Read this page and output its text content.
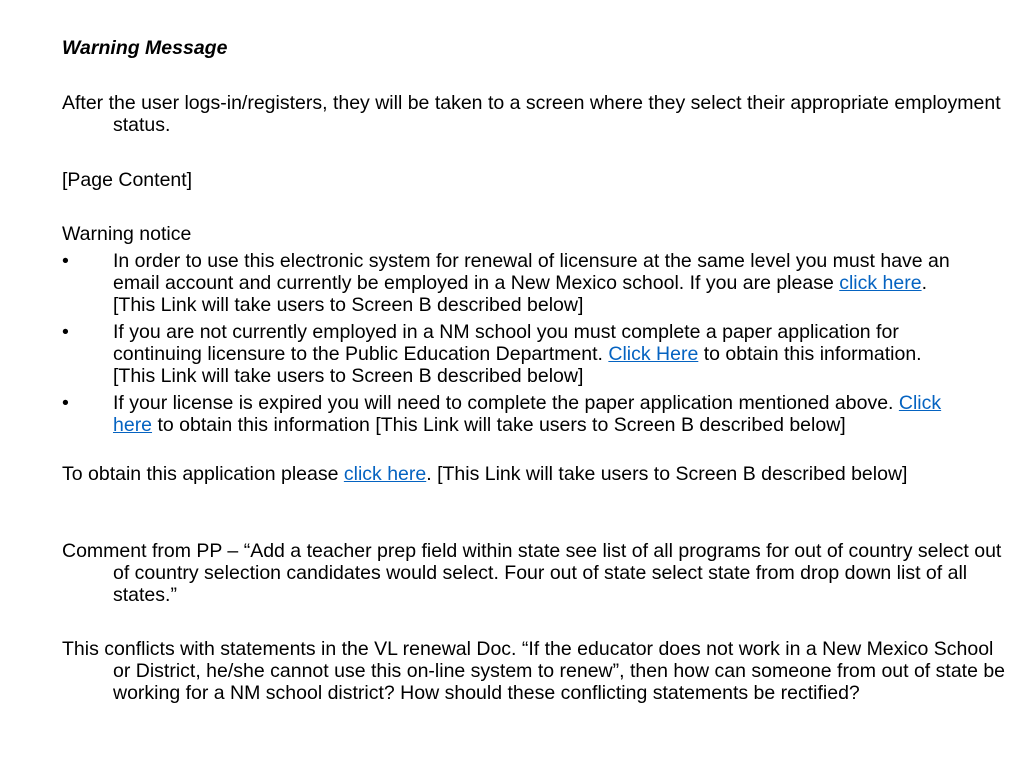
Warning Message

After the user logs-in/registers, they will be taken to a screen where they select their appropriate employment status.

[Page Content]

Warning notice

• In order to use this electronic system for renewal of licensure at the same level you must have an email account and currently be employed in a New Mexico school. If you are please click here. [This Link will take users to Screen B described below]
• If you are not currently employed in a NM school you must complete a paper application for continuing licensure to the Public Education Department. Click Here to obtain this information. [This Link will take users to Screen B described below]
• If your license is expired you will need to complete the paper application mentioned above. Click here to obtain this information [This Link will take users to Screen B described below]

To obtain this application please click here. [This Link will take users to Screen B described below]

Comment from PP – “Add a teacher prep field within state see list of all programs for out of country select out of country selection candidates would select. Four out of state select state from drop down list of all states.”

This conflicts with statements in the VL renewal Doc. “If the educator does not work in a New Mexico School or District, he/she cannot use this on-line system to renew”, then how can someone from out of state be working for a NM school district? How should these conflicting statements be rectified?
